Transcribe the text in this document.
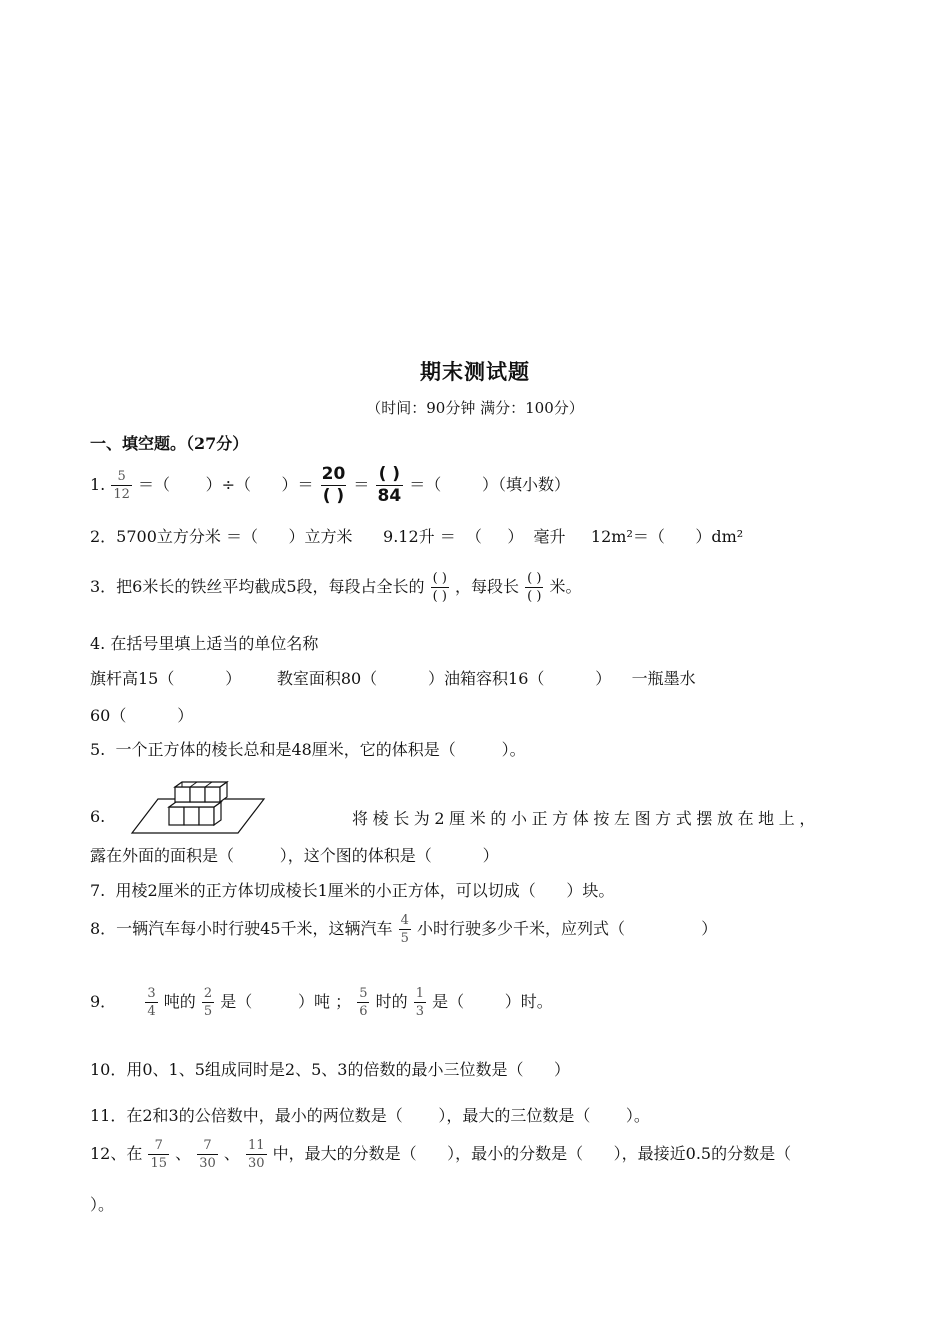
期末测试题
（时间：90分钟 满分：100分）
一、填空题。（27分）
1. $\frac{5}{12}$ ＝（       ）÷（      ）＝ $\frac{20}{( )} = \frac{( )}{84}$ ＝（        ）（填小数）
2．5700立方分米 ＝（      ）立方米      9.12升 ＝  （     ）  毫升     12m²＝（      ）dm²
3．把6米长的铁丝平均截成5段，每段占全长的 $\frac{( )}{( )}$ ，每段长 $\frac{( )}{( )}$ 米。
4. 在括号里填上适当的单位名称
旗杆高15（          ）       教室面积80（          ）油箱容积16（          ）    一瓶墨水
60（          ）
5.  一个正方体的棱长总和是48厘米，它的体积是（         ）。
6.	将棱长为2厘米的小正方体按左图方式摆放在地上，
露在外面的面积是（         ），这个图的体积是（          ）
7.  用棱2厘米的正方体切成棱长1厘米的小正方体，可以切成（      ）块。
8．一辆汽车每小时行驶45千米，这辆汽车 $\frac{4}{5}$ 小时行驶多少千米，应列式（               ）
9． $\frac{3}{4}$ 吨的 $\frac{2}{5}$ 是（         ）吨 ； $\frac{5}{6}$ 时的 $\frac{1}{3}$ 是（        ）时。
10．用0、1、5组成同时是2、5、3的倍数的最小三位数是（      ）
11．在2和3的公倍数中，最小的两位数是（       ），最大的三位数是（       ）。
12、在 $\frac{7}{15}$ 、 $\frac{7}{30}$ 、 $\frac{11}{30}$ 中，最大的分数是（      ），最小的分数是（      ），最接近0.5的分数是（
）。
